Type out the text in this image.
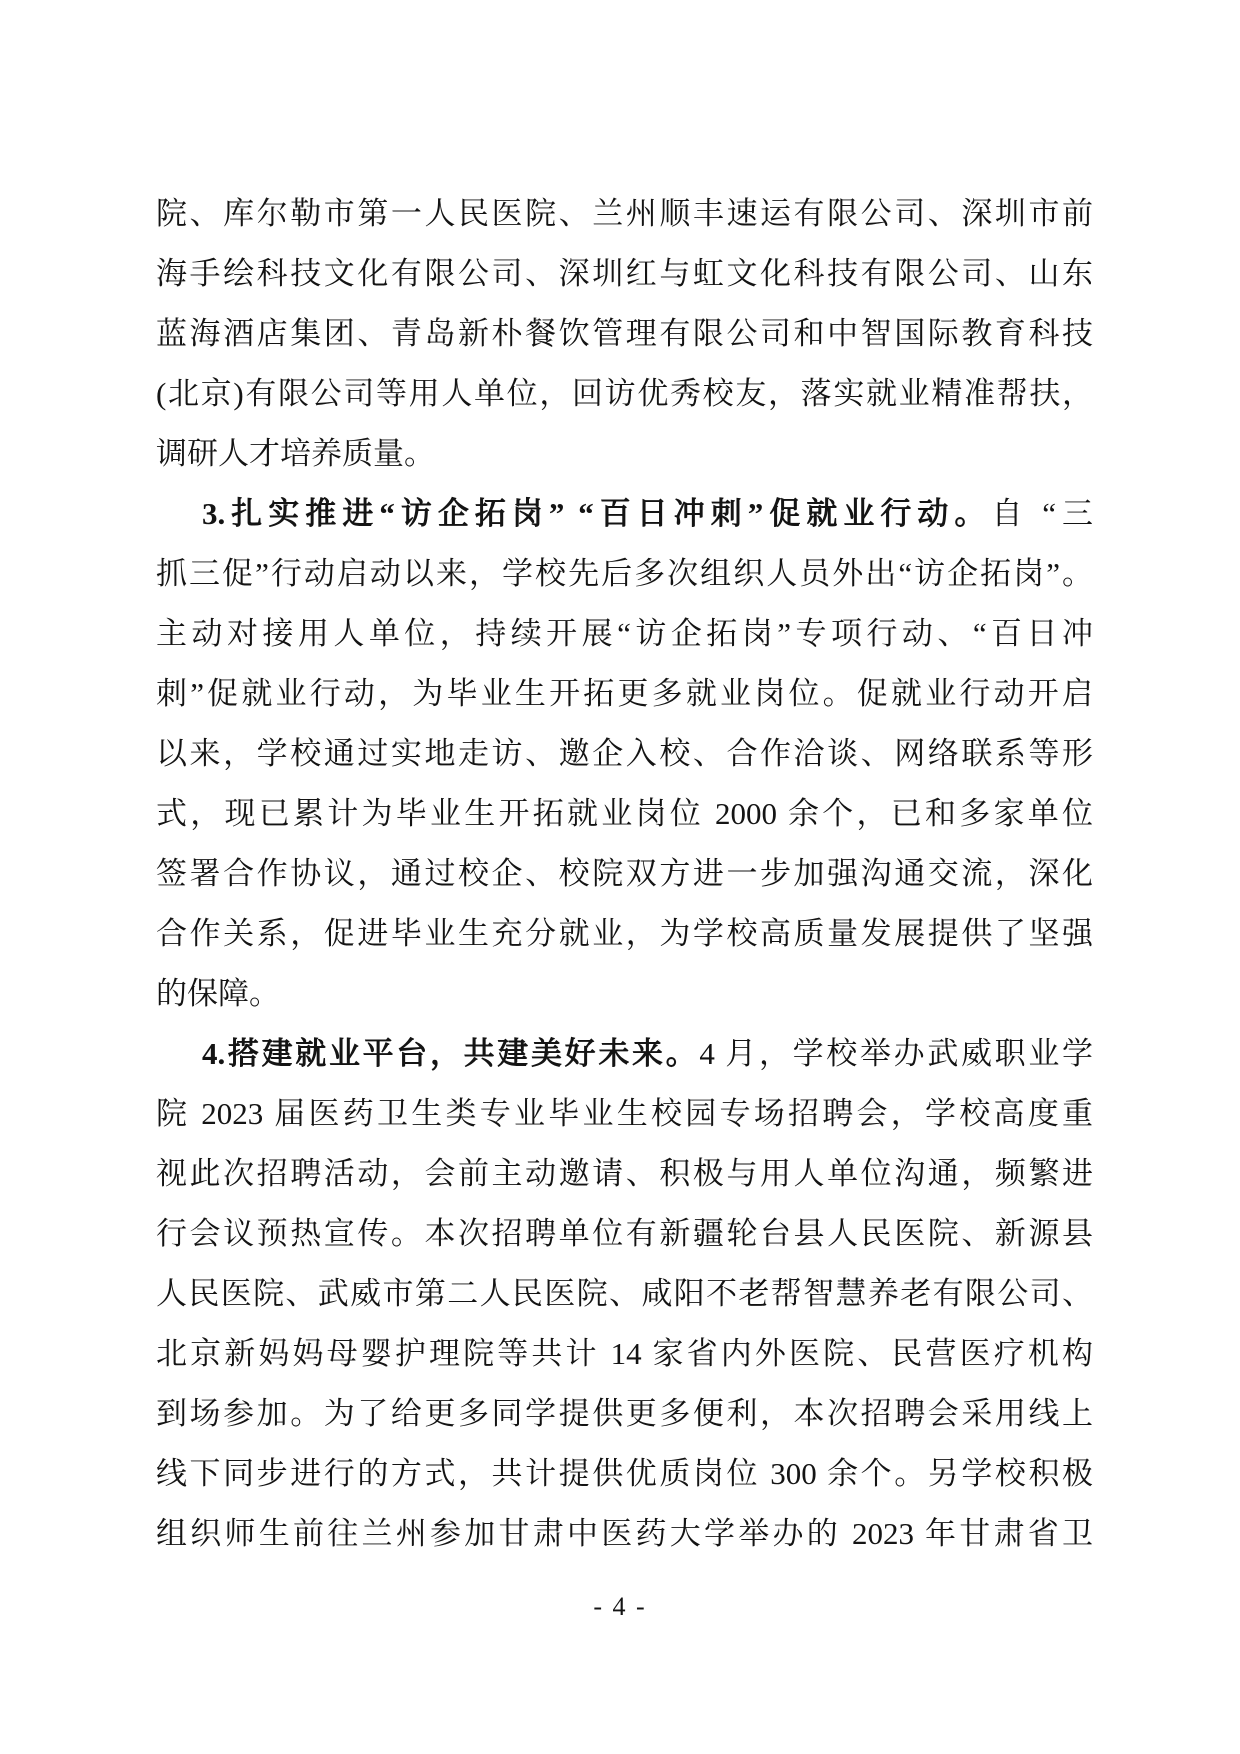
院、库尔勒市第一人民医院、兰州顺丰速运有限公司、深圳市前
海手绘科技文化有限公司、深圳红与虹文化科技有限公司、山东
蓝海酒店集团、青岛新朴餐饮管理有限公司和中智国际教育科技
(北京)有限公司等用人单位，回访优秀校友，落实就业精准帮扶，
调研人才培养质量。
3.扎实推进“访企拓岗” “百日冲刺”促就业行动。自 “三
抓三促”行动启动以来，学校先后多次组织人员外出“访企拓岗”。
主动对接用人单位，持续开展“访企拓岗”专项行动、“百日冲
刺”促就业行动，为毕业生开拓更多就业岗位。促就业行动开启
以来，学校通过实地走访、邀企入校、合作洽谈、网络联系等形
式，现已累计为毕业生开拓就业岗位 2000 余个，已和多家单位
签署合作协议，通过校企、校院双方进一步加强沟通交流，深化
合作关系，促进毕业生充分就业，为学校高质量发展提供了坚强
的保障。
4.搭建就业平台，共建美好未来。4 月，学校举办武威职业学
院 2023 届医药卫生类专业毕业生校园专场招聘会，学校高度重
视此次招聘活动，会前主动邀请、积极与用人单位沟通，频繁进
行会议预热宣传。本次招聘单位有新疆轮台县人民医院、新源县
人民医院、武威市第二人民医院、咸阳不老帮智慧养老有限公司、
北京新妈妈母婴护理院等共计 14 家省内外医院、民营医疗机构
到场参加。为了给更多同学提供更多便利，本次招聘会采用线上
线下同步进行的方式，共计提供优质岗位 300 余个。另学校积极
组织师生前往兰州参加甘肃中医药大学举办的 2023 年甘肃省卫
- 4 -
